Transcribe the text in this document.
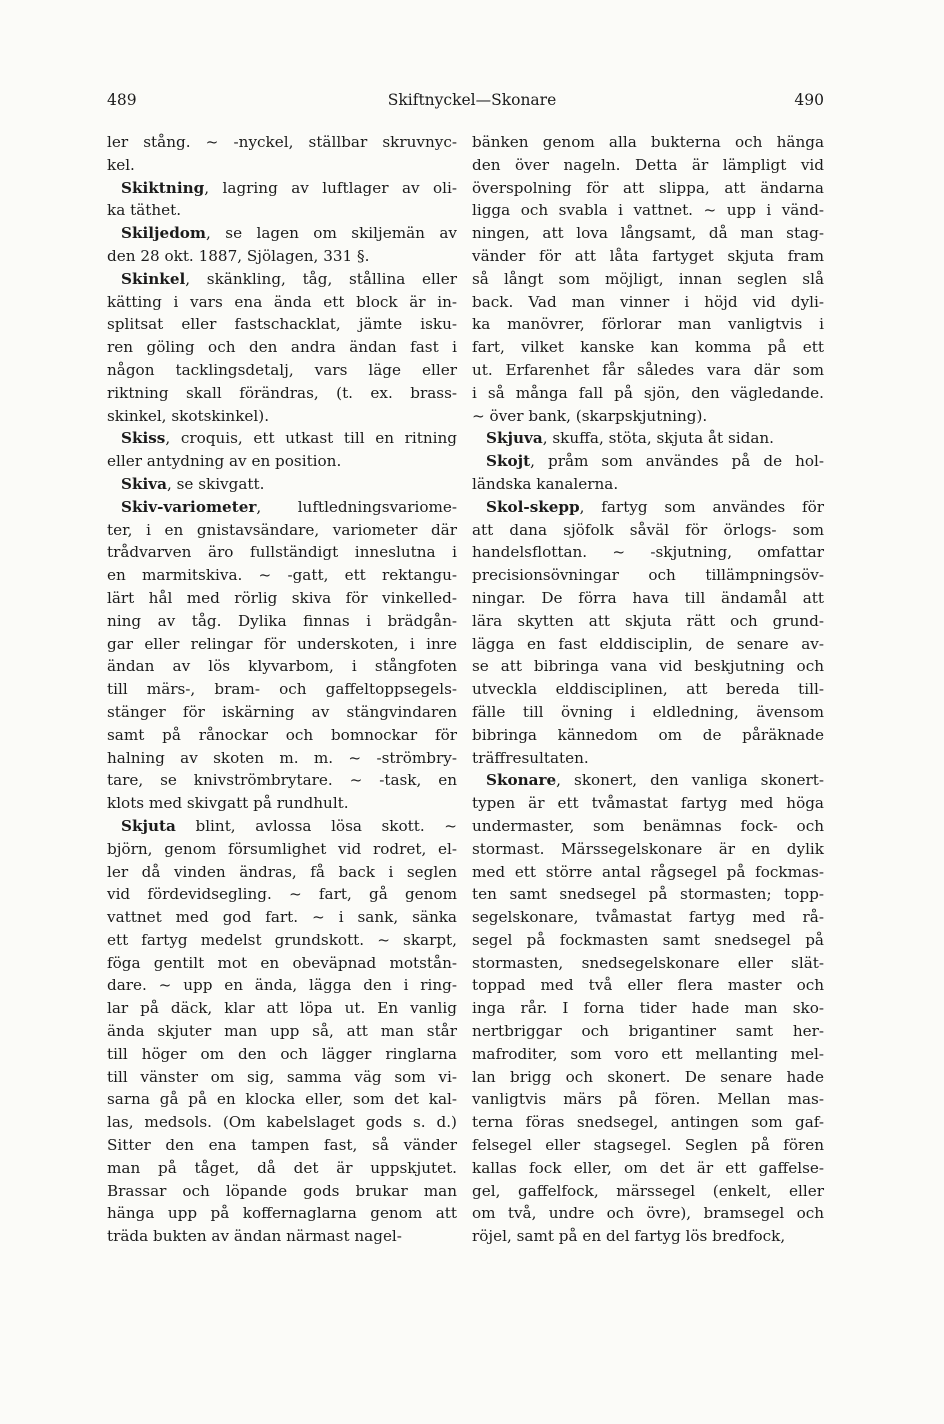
489	Skiftnyckel—Skonare	490
ler stång. ~ -nyckel, ställbar skruvnyc-
kel.
Skiktning, lagring av luftlager av oli-
ka täthet.
Skiljedom, se lagen om skiljemän av
den 28 okt. 1887, Sjölagen, 331 §.
Skinkel, skänkling, tåg, stållina eller
kätting i vars ena ända ett block är in-
splitsat eller fastschacklat, jämte isku-
ren göling och den andra ändan fast i
någon tacklingsdetalj, vars läge eller
riktning skall förändras, (t. ex. brass-
skinkel, skotskinkel).
Skiss, croquis, ett utkast till en ritning
eller antydning av en position.
Skiva, se skivgatt.
Skiv-variometer, luftledningsvariome-
ter, i en gnistavsändare, variometer där
trådvarven äro fullständigt inneslutna i
en marmitskiva. ~ -gatt, ett rektangu-
lärt hål med rörlig skiva för vinkelled-
ning av tåg. Dylika finnas i brädgån-
gar eller relingar för underskoten, i inre
ändan av lös klyvarbom, i stångfoten
till märs-, bram- och gaffeltoppsegels-
stänger för iskärning av stängvindaren
samt på rånockar och bomnockar för
halning av skoten m. m. ~ -strömbry-
tare, se knivströmbrytare. ~ -task, en
klots med skivgatt på rundhult.
Skjuta blint, avlossa lösa skott. ~
björn, genom försumlighet vid rodret, el-
ler då vinden ändras, få back i seglen
vid fördevidsegling. ~ fart, gå genom
vattnet med god fart. ~ i sank, sänka
ett fartyg medelst grundskott. ~ skarpt,
föga gentilt mot en obeväpnad motstån-
dare. ~ upp en ända, lägga den i ring-
lar på däck, klar att löpa ut. En vanlig
ända skjuter man upp så, att man står
till höger om den och lägger ringlarna
till vänster om sig, samma väg som vi-
sarna gå på en klocka eller, som det kal-
las, medsols. (Om kabelslaget gods s. d.)
Sitter den ena tampen fast, så vänder
man på tåget, då det är uppskjutet.
Brassar och löpande gods brukar man
hänga upp på koffernaglarna genom att
träda bukten av ändan närmast nagel-
bänken genom alla bukterna och hänga
den över nageln. Detta är lämpligt vid
överspolning för att slippa, att ändarna
ligga och svabla i vattnet. ~ upp i vänd-
ningen, att lova långsamt, då man stag-
vänder för att låta fartyget skjuta fram
så långt som möjligt, innan seglen slå
back. Vad man vinner i höjd vid dyli-
ka manövrer, förlorar man vanligtvis i
fart, vilket kanske kan komma på ett
ut. Erfarenhet får således vara där som
i så många fall på sjön, den vägledande.
~ över bank, (skarpskjutning).
Skjuva, skuffa, stöta, skjuta åt sidan.
Skojt, pråm som användes på de hol-
ländska kanalerna.
Skol-skepp, fartyg som användes för
att dana sjöfolk såväl för örlogs- som
handelsflottan. ~ -skjutning, omfattar
precisionsövningar och tillämpningsöv-
ningar. De förra hava till ändamål att
lära skytten att skjuta rätt och grund-
lägga en fast elddisciplin, de senare av-
se att bibringa vana vid beskjutning och
utveckla elddisciplinen, att bereda till-
fälle till övning i eldledning, ävensom
bibringa kännedom om de påräknade
träffresultaten.
Skonare, skonert, den vanliga skonert-
typen är ett tvåmastat fartyg med höga
undermaster, som benämnas fock- och
stormast. Märssegelskonare är en dylik
med ett större antal rågsegel på fockmas-
ten samt snedsegel på stormasten; topp-
segelskonare, tvåmastat fartyg med rå-
segel på fockmasten samt snedsegel på
stormasten, snedsegelskonare eller slät-
toppad med två eller flera master och
inga rår. I forna tider hade man sko-
nertbriggar och brigantiner samt her-
mafroditer, som voro ett mellanting mel-
lan brigg och skonert. De senare hade
vanligtvis märs på fören. Mellan mas-
terna föras snedsegel, antingen som gaf-
felsegel eller stagsegel. Seglen på fören
kallas fock eller, om det är ett gaffelse-
gel, gaffelfock, märssegel (enkelt, eller
om två, undre och övre), bramsegel och
röjel, samt på en del fartyg lös bredfock,
